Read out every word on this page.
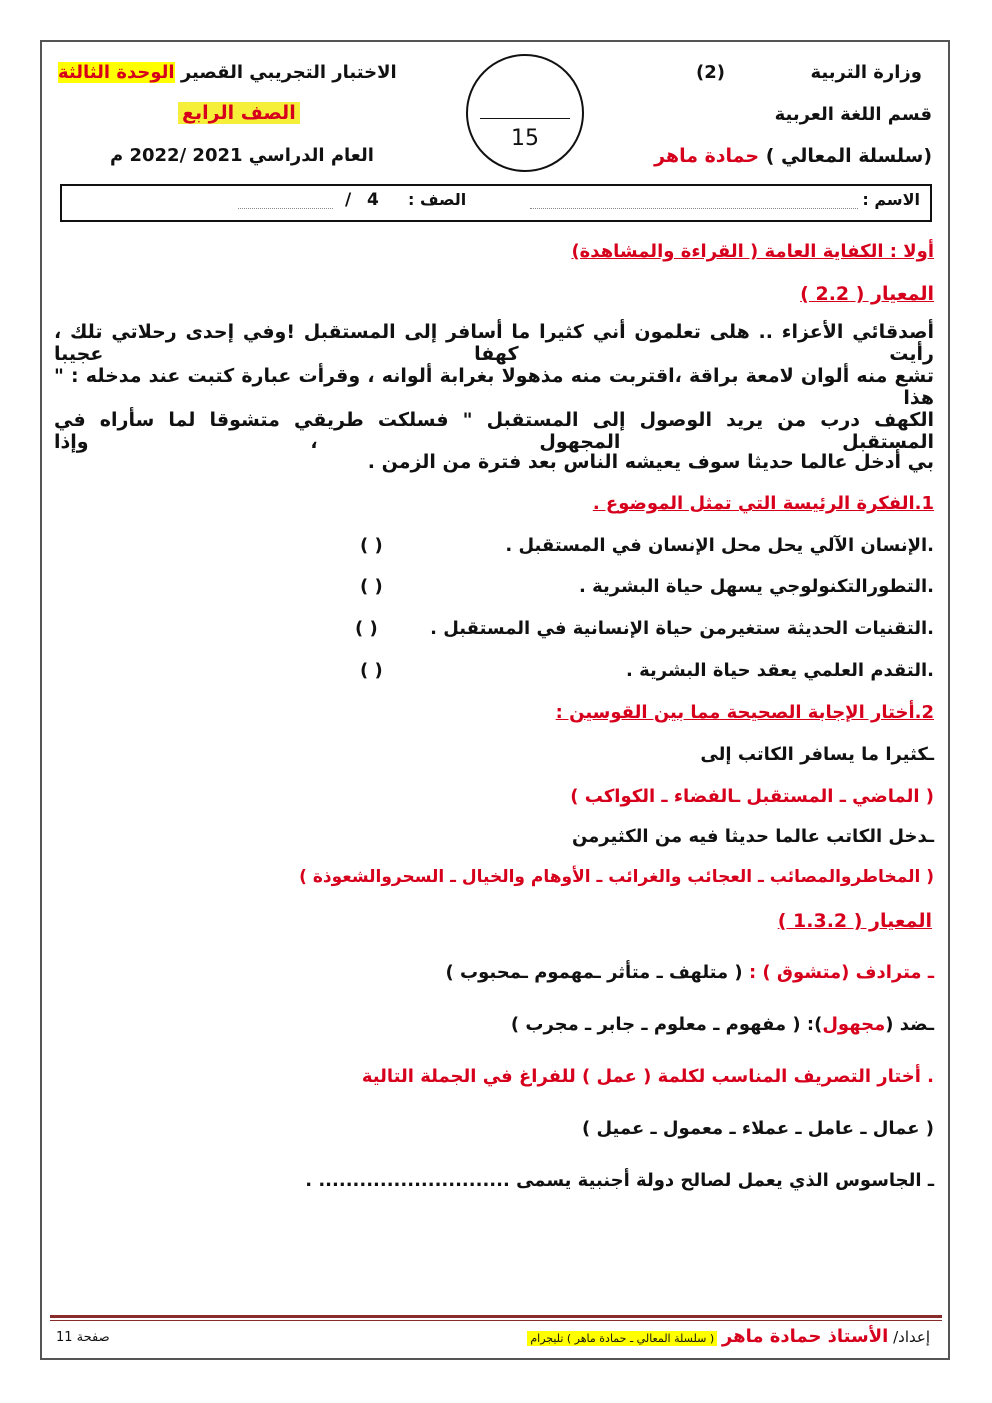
وزارة التربية
(2)
قسم اللغة العربية
(سلسلة المعالي ) حمادة ماهر
15
الاختبار التجريبي القصير الوحدة الثالثة
الصف الرابع
العام الدراسي 2021 /2022 م
الاسم :
الصف :
4
/
أولا : الكفاية العامة ( القراءة والمشاهدة)
المعيار ( 2.2 )
أصدقائي الأعزاء .. هلى تعلمون أني كثيرا ما أسافر إلى المستقبل !وفي إحدى رحلاتي تلك ، رأيت كهفا عجيبا
تشع منه ألوان لامعة براقة ،اقتربت منه مذهولا بغرابة ألوانه ، وقرأت عبارة كتبت عند مدخله : " هذا
الكهف درب من يريد الوصول إلى المستقبل " فسلكت طريقي متشوقا لما سأراه في المستقبل المجهول ، وإذا
بي أدخل عالما حديثا سوف يعيشه الناس بعد فترة من الزمن .
1.الفكرة الرئيسة التي تمثل الموضوع .
.الإنسان الآلي يحل محل الإنسان في المستقبل .
( )
.التطورالتكنولوجي يسهل حياة البشرية .
( )
.التقنيات الحديثة ستغيرمن حياة الإنسانية في المستقبل .
( )
.التقدم العلمي يعقد حياة البشرية .
( )
2.أختار الإجابة الصحيحة مما بين القوسين :
ـكثيرا ما يسافر الكاتب إلى
( الماضي ـ المستقبل ـالفضاء ـ الكواكب )
ـدخل الكاتب عالما حديثا فيه من الكثيرمن
( المخاطروالمصائب ـ العجائب والغرائب ـ الأوهام والخيال ـ السحروالشعوذة )
المعيار ( 1.3.2 )
ـ مترادف (متشوق ) : ( متلهف ـ متأثر ـمهموم ـمحبوب )
ـضد (مجهول): ( مفهوم ـ معلوم ـ جابر ـ مجرب )
. أختار التصريف المناسب لكلمة ( عمل ) للفراغ في الجملة التالية
( عمال ـ عامل ـ عملاء ـ معمول ـ عميل )
ـ الجاسوس الذي يعمل لصالح دولة أجنبية يسمى ............................ .
إعداد/ الأستاذ حمادة ماهر ( سلسلة المعالي ـ حمادة ماهر ) تليجرام
صفحة 11
